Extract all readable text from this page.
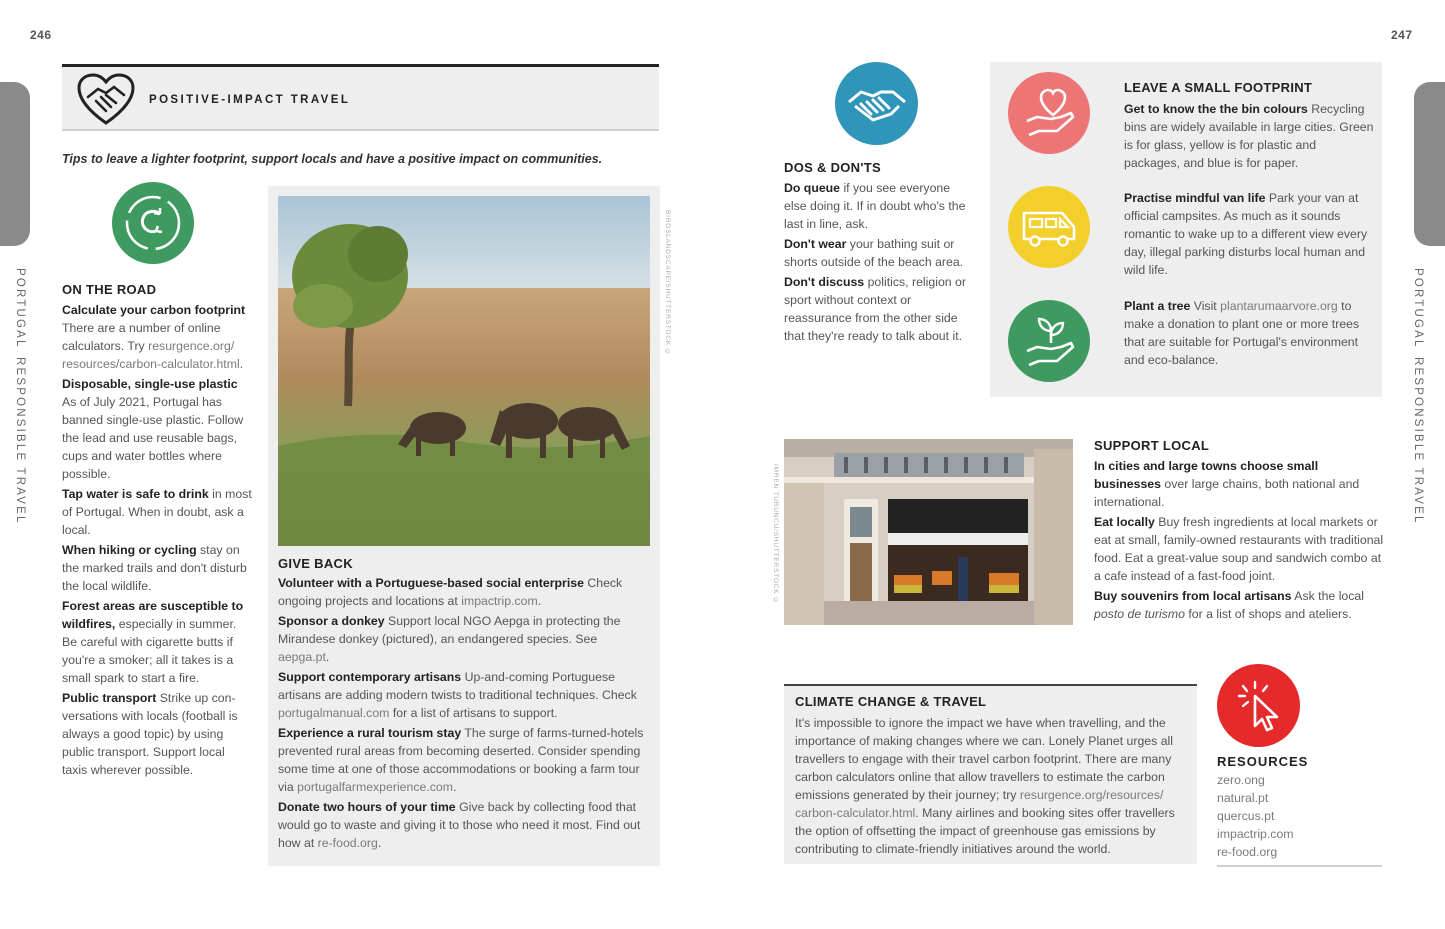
246	247
PORTUGALRESPONSIBLE TRAVEL
PORTUGALRESPONSIBLE TRAVEL
POSITIVE-IMPACT TRAVEL
Tips to leave a lighter footprint, support locals and have a positive impact on communities.
ON THE ROAD

Calculate your carbon footprint
There are a number of online calculators. Try resurgence.org/ resources/carbon-calculator.html.

Disposable, single-use plastic
As of July 2021, Portugal has banned single-use plastic. Follow the lead and use reusable bags, cups and water bottles where possible.

Tap water is safe to drink in most of Portugal. When in doubt, ask a local.

When hiking or cycling stay on the marked trails and don't disturb the local wildlife.

Forest areas are susceptible to wildfires, especially in summer. Be careful with cigarette butts if you're a smoker; all it takes is a small spark to start a fire.

Public transport Strike up con-versations with locals (football is always a good topic) by using public transport. Support local taxis wherever possible.

BIROSLANDSCAPE/SHUTTERSTOCK ©
GIVE BACK

Volunteer with a Portuguese-based social enterprise Check ongoing projects and locations at impactrip.com.

Sponsor a donkey Support local NGO Aepga in protecting the Mirandese donkey (pictured), an endangered species. See aepga.pt.

Support contemporary artisans Up-and-coming Portuguese artisans are adding modern twists to traditional techniques. Check portugalmanual.com for a list of artisans to support.

Experience a rural tourism stay The surge of farms-turned-hotels prevented rural areas from becoming deserted. Consider spending some time at one of those accommodations or booking a farm tour via portugalfarmexperience.com.

Donate two hours of your time Give back by collecting food that would go to waste and giving it to those who need it most. Find out how at re-food.org.

DOS & DON'TS

Do queue if you see everyone else doing it. If in doubt who's the last in line, ask.

Don't wear your bathing suit or shorts outside of the beach area.

Don't discuss politics, religion or sport without context or reassurance from the other side that they're ready to talk about it.

LEAVE A SMALL FOOTPRINT
Get to know the the bin colours Recycling bins are widely available in large cities. Green is for glass, yellow is for plastic and packages, and blue is for paper.
Practise mindful van life Park your van at official campsites. As much as it sounds romantic to wake up to a different view every day, illegal parking disturbs local human and wild life.
Plant a tree Visit plantarumaarvore.org to make a donation to plant one or more trees that are suitable for Portugal's environment and eco-balance.
IMREN TURUNCU/SHUTTERSTOCK ©
SUPPORT LOCAL

In cities and large towns choose small businesses over large chains, both national and international.

Eat locally Buy fresh ingredients at local markets or eat at small, family-owned restaurants with traditional food. Eat a great-value soup and sandwich combo at a cafe instead of a fast-food joint.

Buy souvenirs from local artisans Ask the local posto de turismo for a list of shops and ateliers.

CLIMATE CHANGE & TRAVEL
It's impossible to ignore the impact we have when travelling, and the importance of making changes where we can. Lonely Planet urges all travellers to engage with their travel carbon footprint. There are many carbon calculators online that allow travellers to estimate the carbon emissions generated by their journey; try resurgence.org/resources/ carbon-calculator.html. Many airlines and booking sites offer travellers the option of offsetting the impact of greenhouse gas emissions by contributing to climate-friendly initiatives around the world.
RESOURCES
zero.ong
natural.pt
quercus.pt
impactrip.com
re-food.org
